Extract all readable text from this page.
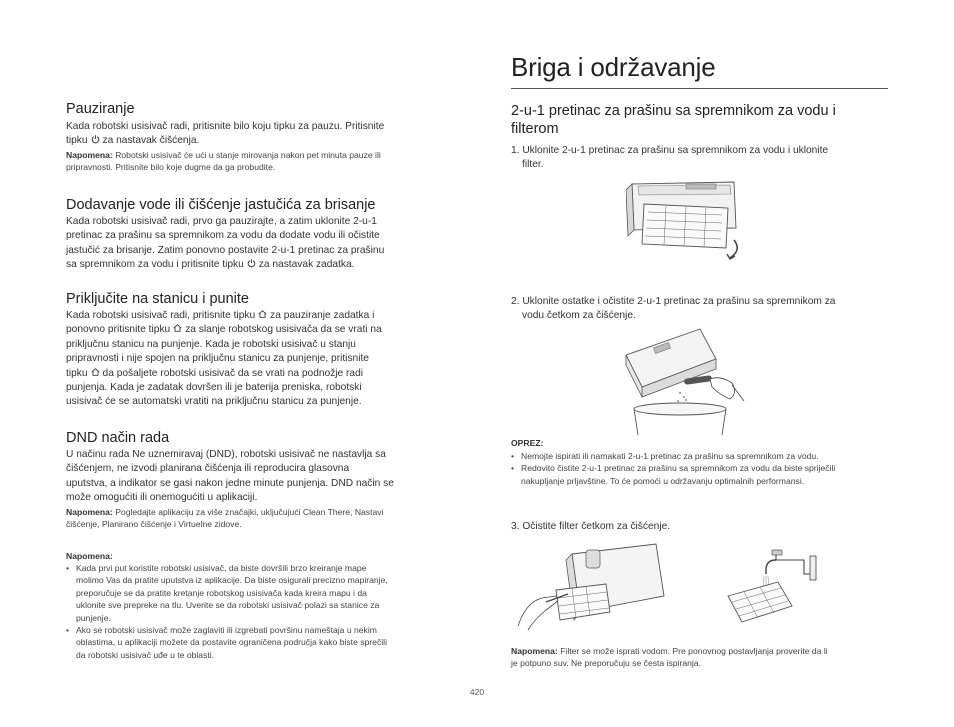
Pauziranje
Kada robotski usisivač radi, pritisnite bilo koju tipku za pauzu. Pritisnite
tipku za nastavak čišćenja.
Napomena: Robotski usisivač će ući u stanje mirovanja nakon pet minuta pauze ili
pripravnosti. Pritisnite bilo koje dugme da ga probudite.
Dodavanje vode ili čišćenje jastučića za brisanje
Kada robotski usisivač radi, prvo ga pauzirajte, a zatim uklonite 2-u-1
pretinac za prašinu sa spremnikom za vodu da dodate vodu ili očistite
jastučić za brisanje. Zatim ponovno postavite 2-u-1 pretinac za prašinu
sa spremnikom za vodu i pritisnite tipku za nastavak zadatka.
Priključite na stanicu i punite
Kada robotski usisivač radi, pritisnite tipku za pauziranje zadatka i
ponovno pritisnite tipku za slanje robotskog usisivača da se vrati na
priključnu stanicu na punjenje. Kada je robotski usisivač u stanju
pripravnosti i nije spojen na priključnu stanicu za punjenje, pritisnite
tipku da pošaljete robotski usisivač da se vrati na podnožje radi
punjenja. Kada je zadatak dovršen ili je baterija preniska, robotski
usisivač će se automatski vratiti na priključnu stanicu za punjenje.
DND način rada
U načinu rada Ne uznemiravaj (DND), robotski usisivač ne nastavlja sa
čišćenjem, ne izvodi planirana čišćenja ili reproducira glasovna
uputstva, a indikator se gasi nakon jedne minute punjenja. DND način se
može omogućiti ili onemogućiti u aplikaciji.
Napomena: Pogledajte aplikaciju za više značajki, uključujući Clean There, Nastavi
čišćenje, Planirano čišćenje i Virtuelne zidove.
Napomena:
• Kada prvi put koristite robotski usisivač, da biste dovršili brzo kreiranje mape
molimo Vas da pratite uputstva iz aplikacije. Da biste osigurali precizno mapiranje,
preporučuje se da pratite kretanje robotskog usisivača kada kreira mapu i da
uklonite sve prepreke na tlu. Uverite se da robotski usisivač polazi sa stanice za
punjenje.
• Ako se robotski usisivač može zaglaviti ili izgrebati površinu nameštaja u nekim
oblastima, u aplikaciji možete da postavite ograničena područja kako biste sprečili
da robotski usisivač uđe u te oblasti.
Briga i održavanje
2-u-1 pretinac za prašinu sa spremnikom za vodu i
filterom
1. Uklonite 2-u-1 pretinac za prašinu sa spremnikom za vodu i uklonite
filter.
2. Uklonite ostatke i očistite 2-u-1 pretinac za prašinu sa spremnikom za
vodu četkom za čišćenje.
OPREZ:
• Nemojte ispirati ili namakati 2-u-1 pretinac za prašinu sa spremnikom za vodu.
• Redovito čistite 2-u-1 pretinac za prašinu sa spremnikom za vodu da biste spriječili
nakupljanje prljavštine. To će pomoći u održavanju optimalnih performansi.
3. Očistite filter četkom za čišćenje.
Napomena: Filter se može isprati vodom. Pre ponovnog postavljanja proverite da li
je potpuno suv. Ne preporučuju se česta ispiranja.
420
